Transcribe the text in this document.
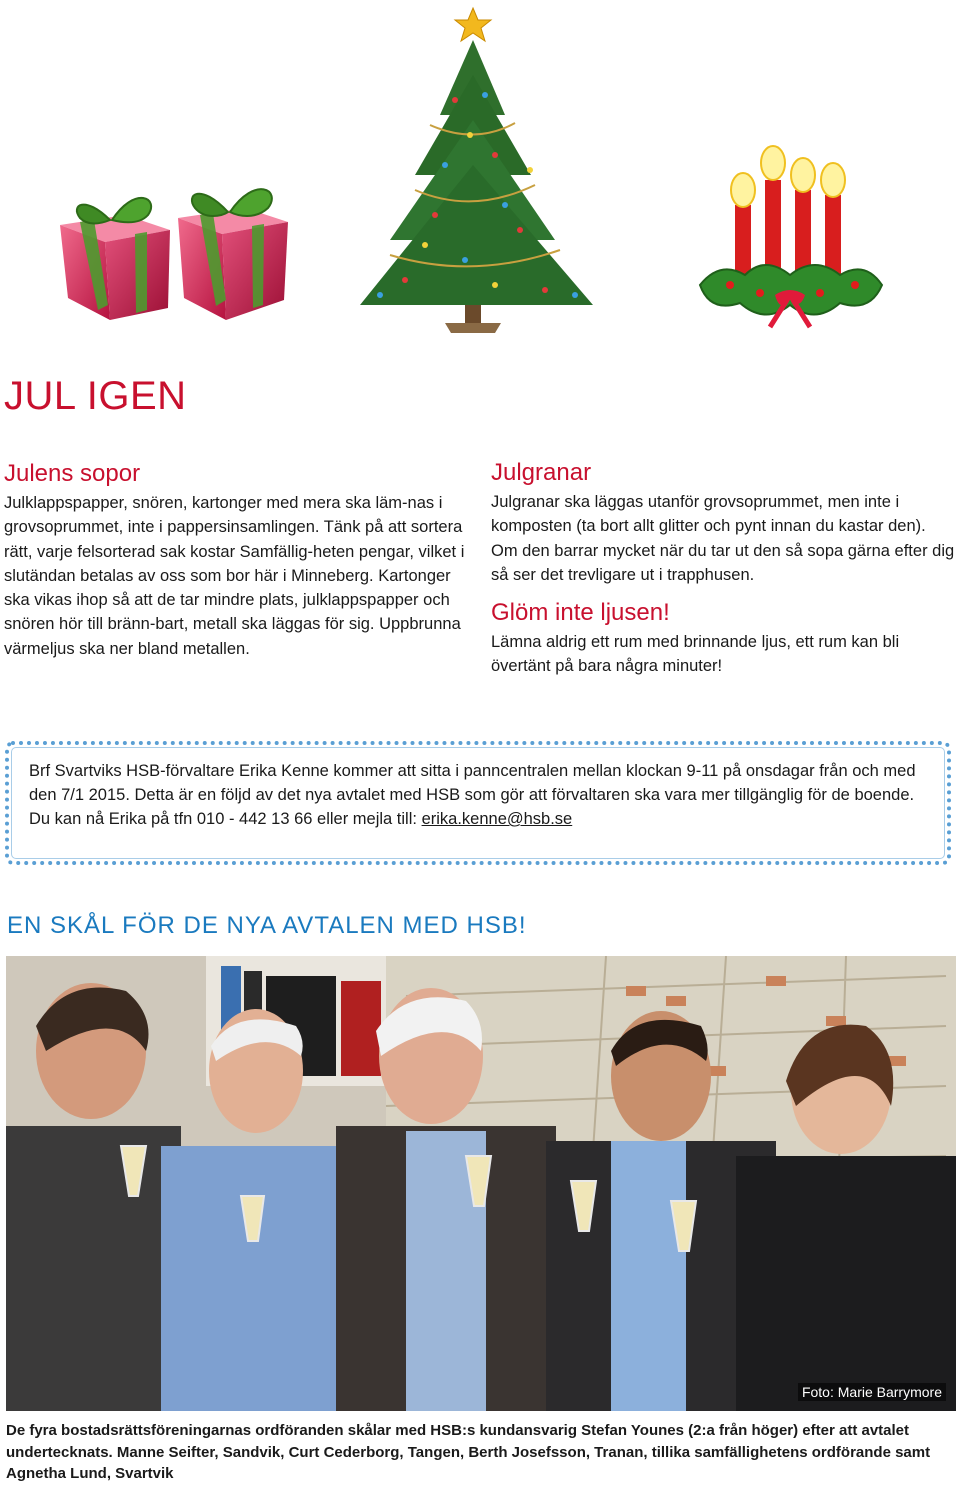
JUL IGEN
Julens sopor

Julklappspapper, snören, kartonger med mera ska läm-nas i grovsoprummet, inte i pappersinsamlingen. Tänk på att sortera rätt, varje felsorterad sak kostar Samfällig-heten pengar, vilket i slutändan betalas av oss som bor här i Minneberg. Kartonger ska vikas ihop så att de tar mindre plats, julklappspapper och snören hör till bränn-bart, metall ska läggas för sig. Uppbrunna värmeljus ska ner bland metallen.

Julgranar

Julgranar ska läggas utanför grovsoprummet, men inte i komposten (ta bort allt glitter och pynt innan du kastar den). Om den barrar mycket när du tar ut den så sopa gärna efter dig så ser det trevligare ut i trapphusen.

Glöm inte ljusen!

Lämna aldrig ett rum med brinnande ljus, ett rum kan bli övertänt på bara några minuter!

Brf Svartviks HSB-förvaltare Erika Kenne kommer att sitta i panncentralen mellan klockan 9-11 på onsdagar från och med den 7/1 2015. Detta är en följd av det nya avtalet med HSB som gör att förvaltaren ska vara mer tillgänglig för de boende. Du kan nå Erika på tfn 010 - 442 13 66 eller mejla till: erika.kenne@hsb.se

EN SKÅL FÖR DE NYA AVTALEN MED HSB!
Foto: Marie Barrymore

De fyra bostadsrättsföreningarnas ordföranden skålar med HSB:s kundansvarig Stefan Younes (2:a från höger) efter att avtalet undertecknats. Manne Seifter, Sandvik, Curt Cederborg, Tangen, Berth Josefsson, Tranan, tillika samfällighetens ordförande samt Agnetha Lund, Svartvik
